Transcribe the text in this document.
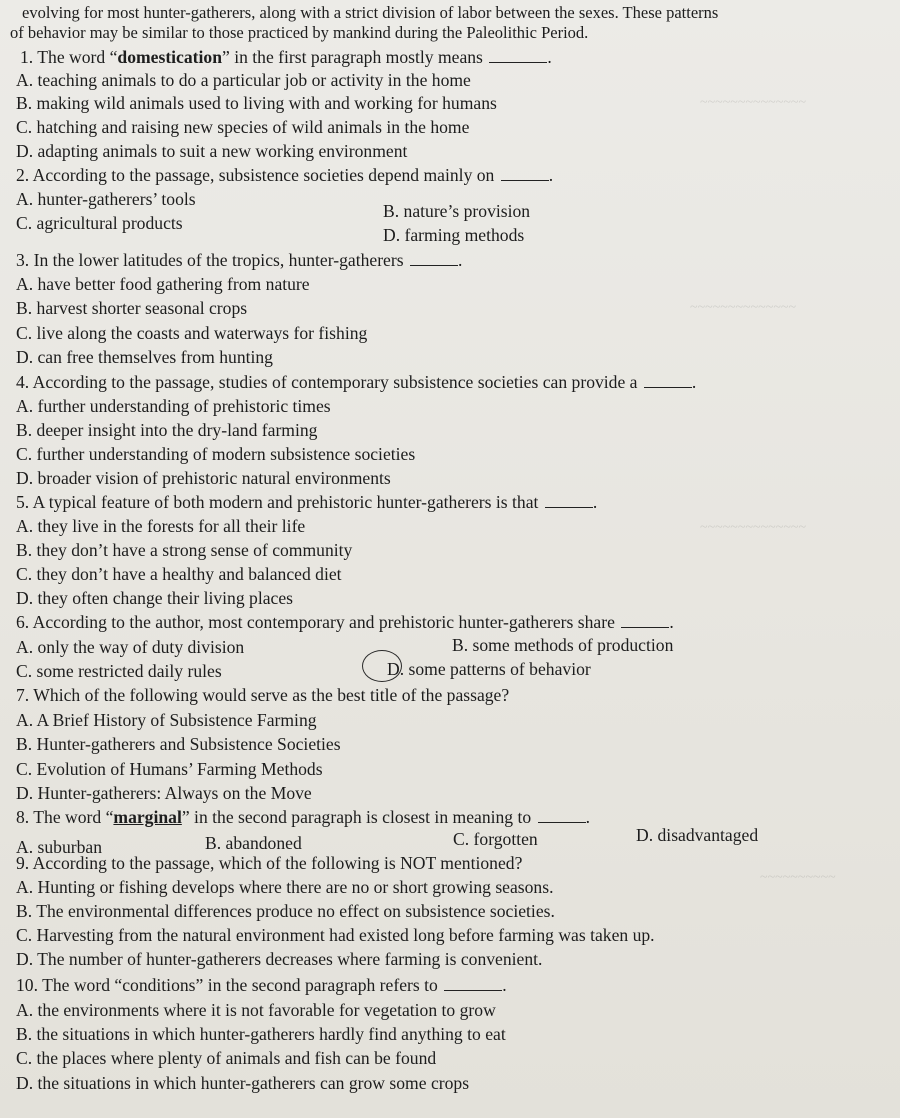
~~~~~~~~~~~~~~
~~~~~~~~~~~~~~
~~~~~~~~~~~~~~
~~~~~~~~~~
evolving for most hunter-gatherers, along with a strict division of labor between the sexes. These patterns
of behavior may be similar to those practiced by mankind during the Paleolithic Period.
1. The word “domestication” in the first paragraph mostly means	.
A. teaching animals to do a particular job or activity in the home
B. making wild animals used to living with and working for humans
C. hatching and raising new species of wild animals in the home
D. adapting animals to suit a new working environment
2. According to the passage, subsistence societies depend mainly on	.
A. hunter-gatherers’ tools
B. nature’s provision
C. agricultural products
D. farming methods
3. In the lower latitudes of the tropics, hunter-gatherers	.
A. have better food gathering from nature
B. harvest shorter seasonal crops
C. live along the coasts and waterways for fishing
D. can free themselves from hunting
4. According to the passage, studies of contemporary subsistence societies can provide a	.
A. further understanding of prehistoric times
B. deeper insight into the dry-land farming
C. further understanding of modern subsistence societies
D. broader vision of prehistoric natural environments
5. A typical feature of both modern and prehistoric hunter-gatherers is that	.
A. they live in the forests for all their life
B. they don’t have a strong sense of community
C. they don’t have a healthy and balanced diet
D. they often change their living places
6. According to the author, most contemporary and prehistoric hunter-gatherers share	.
A. only the way of duty division	B. some methods of production
C. some restricted daily rules	D. some patterns of behavior
7. Which of the following would serve as the best title of the passage?
A. A Brief History of Subsistence Farming
B. Hunter-gatherers and Subsistence Societies
C. Evolution of Humans’ Farming Methods
D. Hunter-gatherers: Always on the Move
8. The word “marginal” in the second paragraph is closest in meaning to	.
A. suburban	B. abandoned	C. forgotten	D. disadvantaged
9. According to the passage, which of the following is NOT mentioned?
A. Hunting or fishing develops where there are no or short growing seasons.
B. The environmental differences produce no effect on subsistence societies.
C. Harvesting from the natural environment had existed long before farming was taken up.
D. The number of hunter-gatherers decreases where farming is convenient.
10. The word “conditions” in the second paragraph refers to	.
A. the environments where it is not favorable for vegetation to grow
B. the situations in which hunter-gatherers hardly find anything to eat
C. the places where plenty of animals and fish can be found
D. the situations in which hunter-gatherers can grow some crops
